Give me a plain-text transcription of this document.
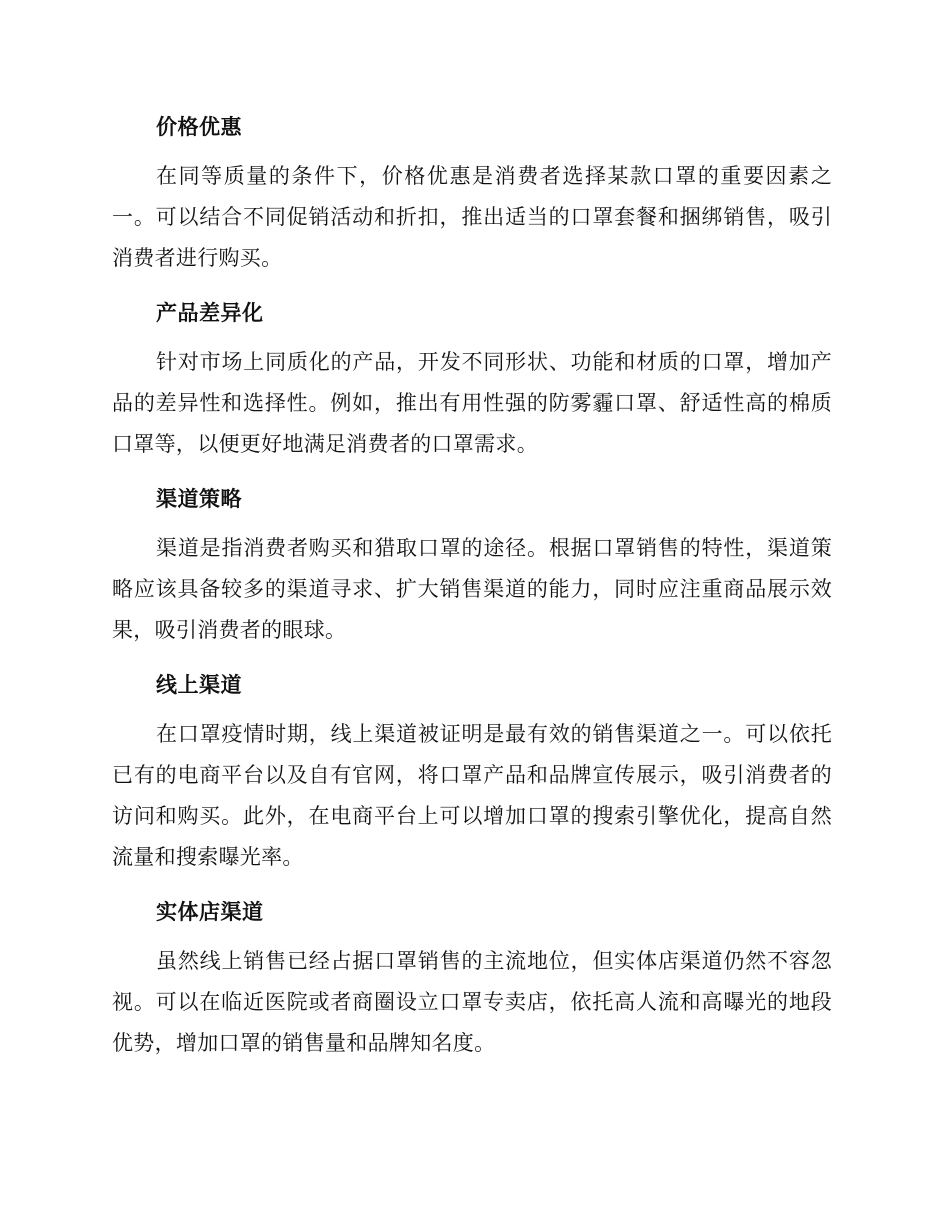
价格优惠

在同等质量的条件下，价格优惠是消费者选择某款口罩的重要因素之一。可以结合不同促销活动和折扣，推出适当的口罩套餐和捆绑销售，吸引消费者进行购买。

产品差异化

针对市场上同质化的产品，开发不同形状、功能和材质的口罩，增加产品的差异性和选择性。例如，推出有用性强的防雾霾口罩、舒适性高的棉质口罩等，以便更好地满足消费者的口罩需求。

渠道策略

渠道是指消费者购买和猎取口罩的途径。根据口罩销售的特性，渠道策略应该具备较多的渠道寻求、扩大销售渠道的能力，同时应注重商品展示效果，吸引消费者的眼球。

线上渠道

在口罩疫情时期，线上渠道被证明是最有效的销售渠道之一。可以依托已有的电商平台以及自有官网，将口罩产品和品牌宣传展示，吸引消费者的访问和购买。此外，在电商平台上可以增加口罩的搜索引擎优化，提高自然流量和搜索曝光率。

实体店渠道

虽然线上销售已经占据口罩销售的主流地位，但实体店渠道仍然不容忽视。可以在临近医院或者商圈设立口罩专卖店，依托高人流和高曝光的地段优势，增加口罩的销售量和品牌知名度。
